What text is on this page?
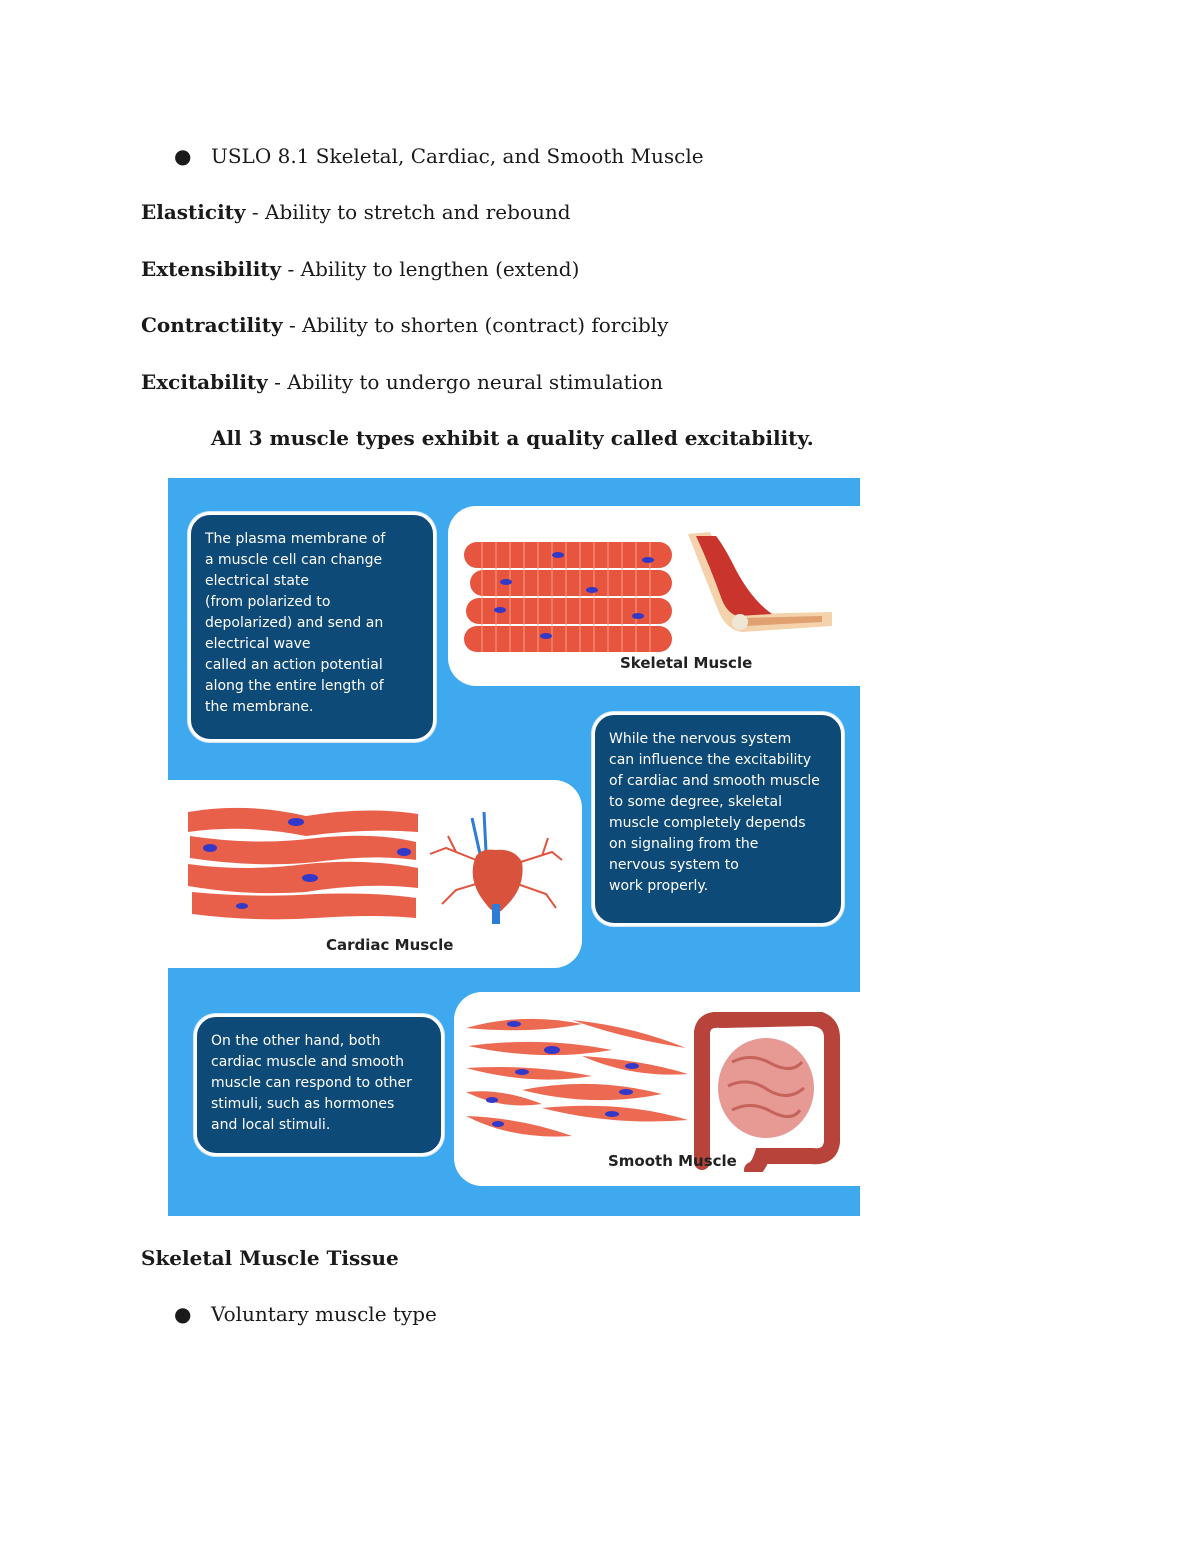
● USLO 8.1 Skeletal, Cardiac, and Smooth Muscle
Elasticity - Ability to stretch and rebound
Extensibility - Ability to lengthen (extend)
Contractility - Ability to shorten (contract) forcibly
Excitability - Ability to undergo neural stimulation
All 3 muscle types exhibit a quality called excitability.
Skeletal Muscle
The plasma membrane of
a muscle cell can change
electrical state
(from polarized to
depolarized) and send an
electrical wave
called an action potential
along the entire length of
the membrane.
Cardiac Muscle
While the nervous system
can influence the excitability
of cardiac and smooth muscle
to some degree, skeletal
muscle completely depends
on signaling from the
nervous system to
work properly.
Smooth Muscle
On the other hand, both
cardiac muscle and smooth
muscle can respond to other
stimuli, such as hormones
and local stimuli.
Skeletal Muscle Tissue
● Voluntary muscle type
